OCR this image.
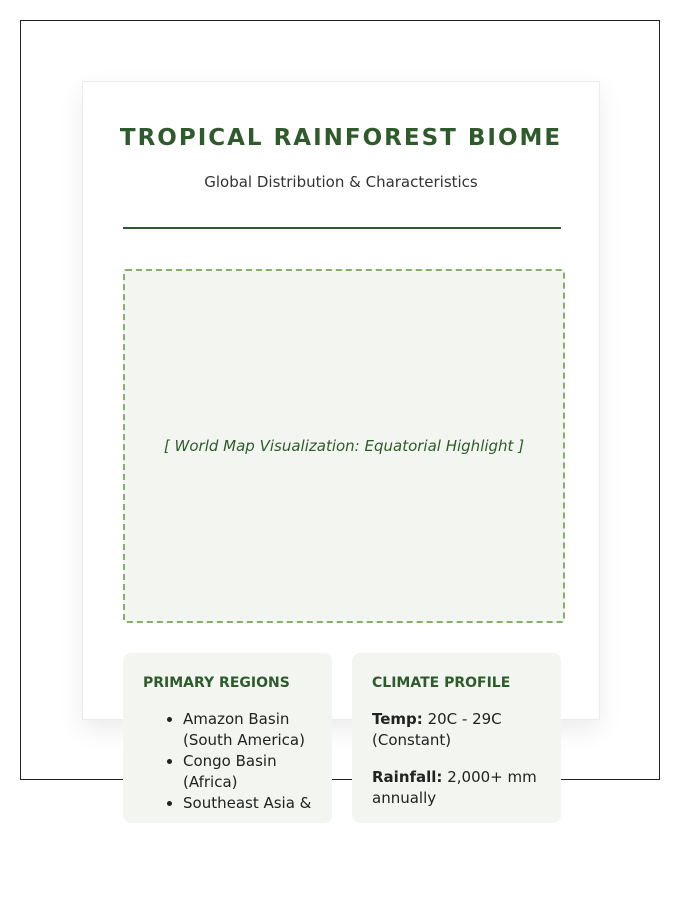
TROPICAL RAINFOREST BIOME
Global Distribution & Characteristics
[ World Map Visualization: Equatorial Highlight ]
PRIMARY REGIONS
• Amazon Basin (South America)
• Congo Basin (Africa)
• Southeast Asia &
CLIMATE PROFILE

Temp: 20C - 29C (Constant)

Rainfall: 2,000+ mm annually
